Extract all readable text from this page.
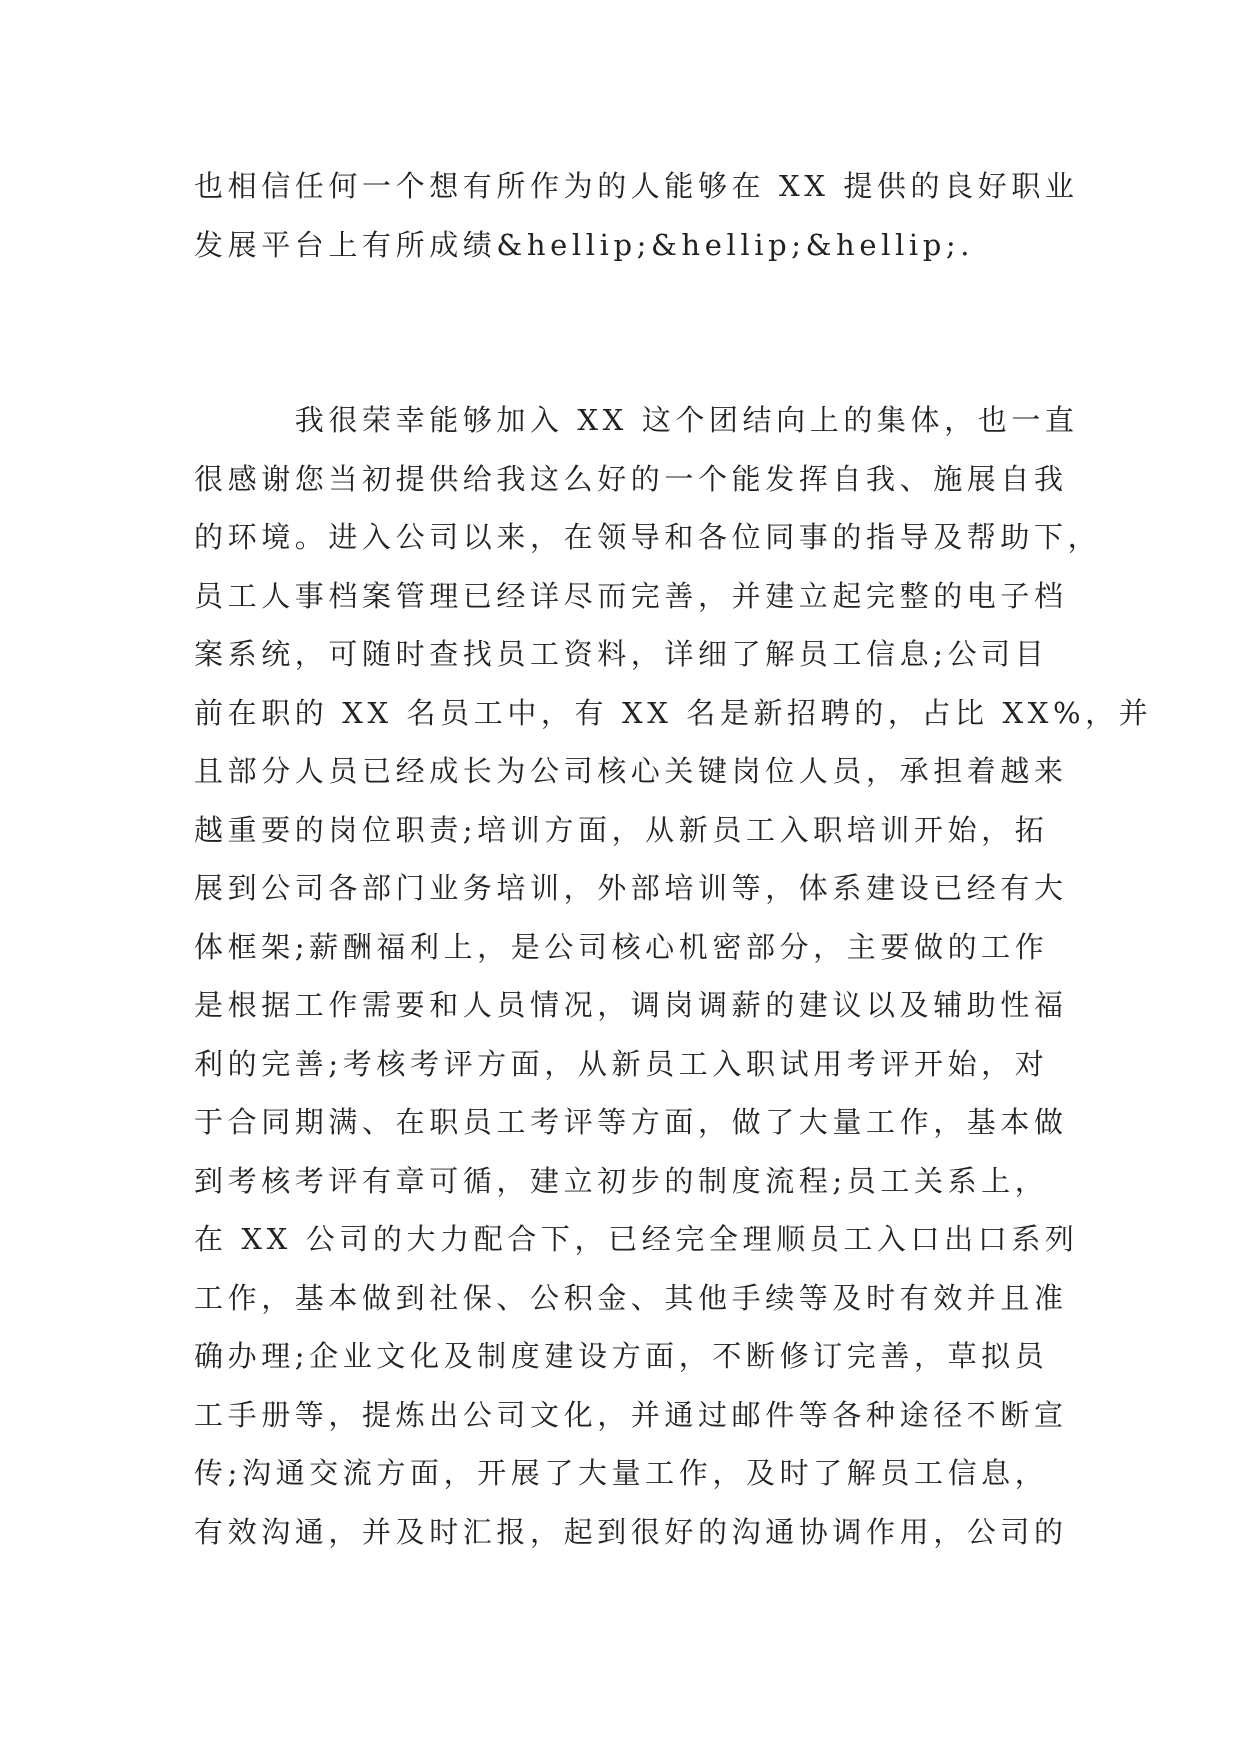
也相信任何一个想有所作为的人能够在 XX 提供的良好职业
发展平台上有所成绩&hellip;&hellip;&hellip;.
　　　我很荣幸能够加入 XX 这个团结向上的集体，也一直
很感谢您当初提供给我这么好的一个能发挥自我、施展自我
的环境。进入公司以来，在领导和各位同事的指导及帮助下，
员工人事档案管理已经详尽而完善，并建立起完整的电子档
案系统，可随时查找员工资料，详细了解员工信息;公司目
前在职的 XX 名员工中，有 XX 名是新招聘的，占比 XX%，并
且部分人员已经成长为公司核心关键岗位人员，承担着越来
越重要的岗位职责;培训方面，从新员工入职培训开始，拓
展到公司各部门业务培训，外部培训等，体系建设已经有大
体框架;薪酬福利上，是公司核心机密部分，主要做的工作
是根据工作需要和人员情况，调岗调薪的建议以及辅助性福
利的完善;考核考评方面，从新员工入职试用考评开始，对
于合同期满、在职员工考评等方面，做了大量工作，基本做
到考核考评有章可循，建立初步的制度流程;员工关系上，
在 XX 公司的大力配合下，已经完全理顺员工入口出口系列
工作，基本做到社保、公积金、其他手续等及时有效并且准
确办理;企业文化及制度建设方面，不断修订完善，草拟员
工手册等，提炼出公司文化，并通过邮件等各种途径不断宣
传;沟通交流方面，开展了大量工作，及时了解员工信息，
有效沟通，并及时汇报，起到很好的沟通协调作用，公司的
